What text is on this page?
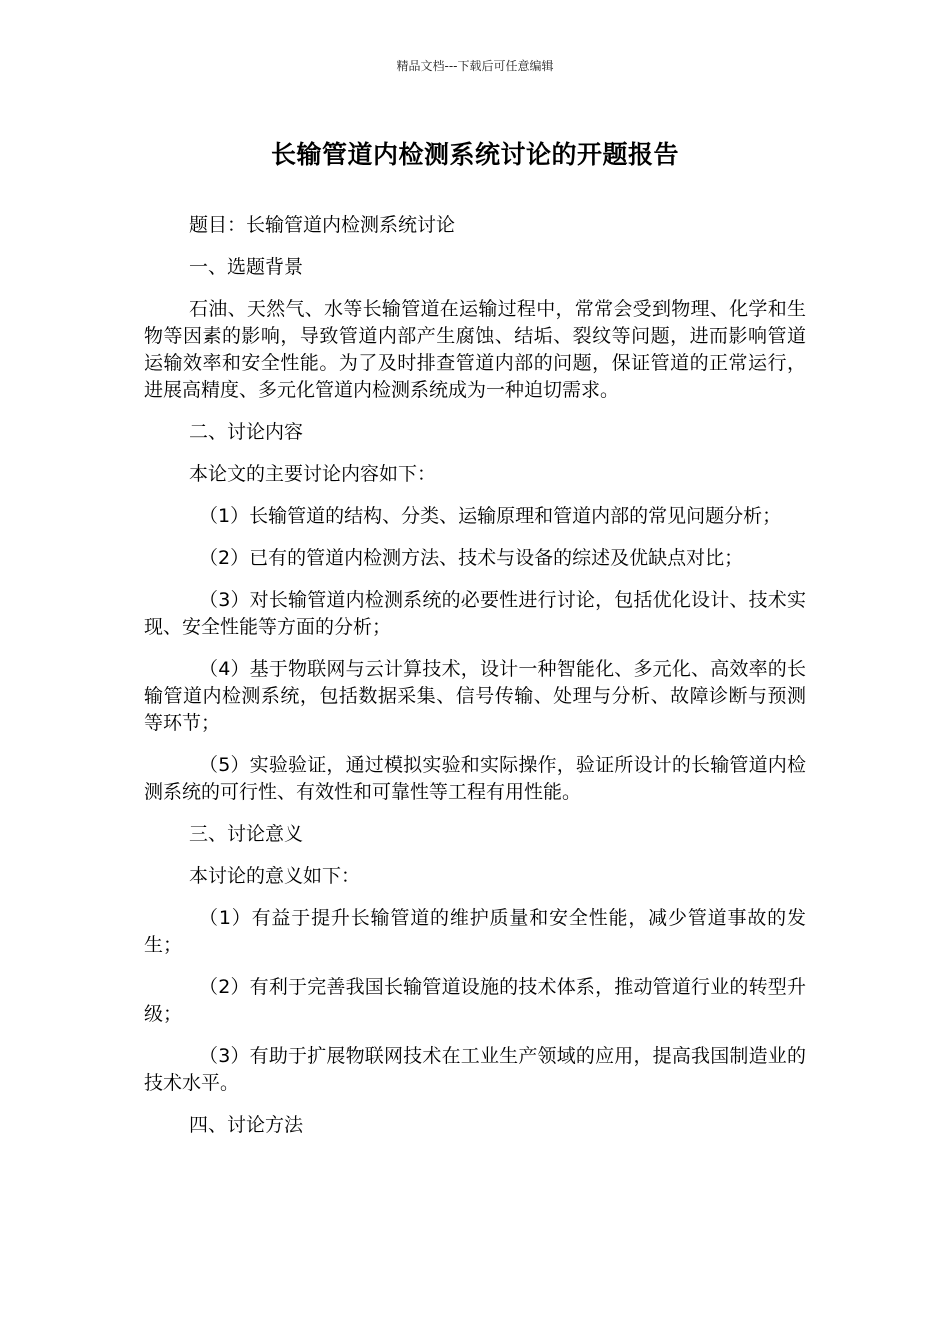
精品文档---下载后可任意编辑
长输管道内检测系统讨论的开题报告

题目：长输管道内检测系统讨论

一、选题背景

石油、天然气、水等长输管道在运输过程中，常常会受到物理、化学和生物等因素的影响，导致管道内部产生腐蚀、结垢、裂纹等问题，进而影响管道运输效率和安全性能。为了及时排查管道内部的问题，保证管道的正常运行，进展高精度、多元化管道内检测系统成为一种迫切需求。

二、讨论内容

本论文的主要讨论内容如下：

（1）长输管道的结构、分类、运输原理和管道内部的常见问题分析；

（2）已有的管道内检测方法、技术与设备的综述及优缺点对比；

（3）对长输管道内检测系统的必要性进行讨论，包括优化设计、技术实现、安全性能等方面的分析；

（4）基于物联网与云计算技术，设计一种智能化、多元化、高效率的长输管道内检测系统，包括数据采集、信号传输、处理与分析、故障诊断与预测等环节；

（5）实验验证，通过模拟实验和实际操作，验证所设计的长输管道内检测系统的可行性、有效性和可靠性等工程有用性能。

三、讨论意义

本讨论的意义如下：

（1）有益于提升长输管道的维护质量和安全性能，减少管道事故的发生；

（2）有利于完善我国长输管道设施的技术体系，推动管道行业的转型升级；

（3）有助于扩展物联网技术在工业生产领域的应用，提高我国制造业的技术水平。

四、讨论方法
